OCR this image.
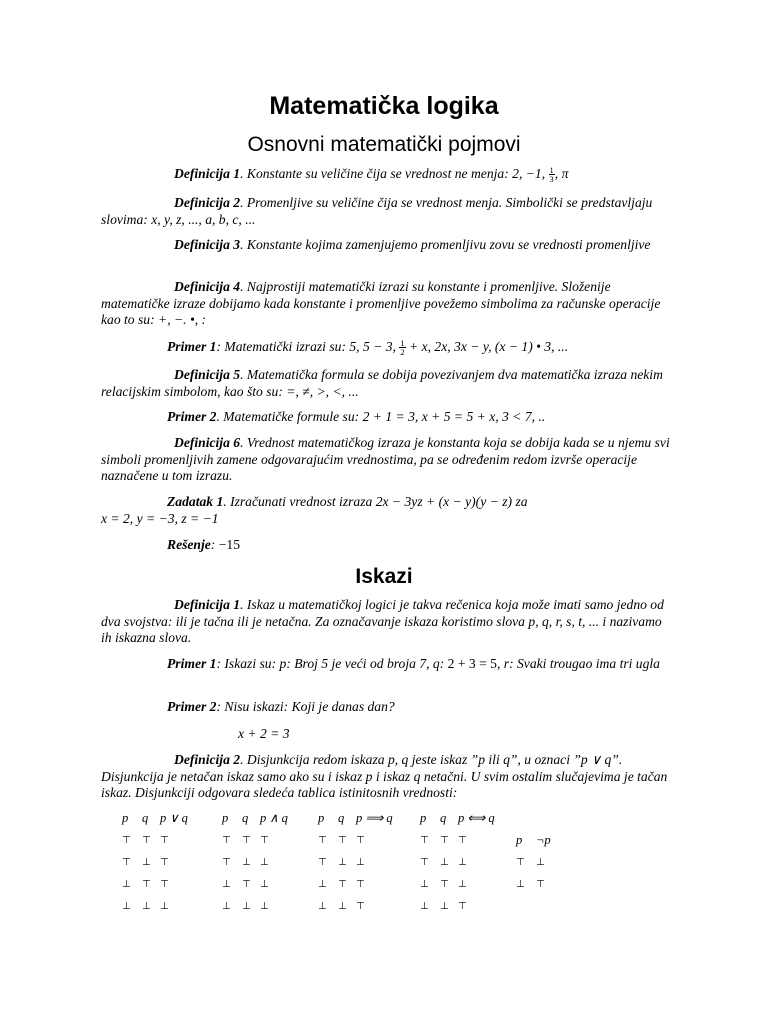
Matematička logika
Osnovni matematički pojmovi
Definicija 1. Konstante su veličine čija se vrednost ne menja: 2, −1, $\frac{1}{3}$ , π
Definicija 2. Promenljive su veličine čija se vrednost menja. Simbolički se predstavljaju slovima: x, y, z, ..., a, b, c, ...
Definicija 3. Konstante kojima zamenjujemo promenljivu zovu se vrednosti promenljive
Definicija 4. Najprostiji matematički izrazi su konstante i promenljive. Složenije matematičke izraze dobijamo kada konstante i promenljive povežemo simbolima za računske operacije kao to su: +, −. •, :
Primer 1: Matematički izrazi su: 5, 5 − 3, $\frac{1}{2} + x$, 2x, 3x − y, (x − 1) • 3, ...
Definicija 5. Matematička formula se dobija povezivanjem dva matematička izraza nekim relacijskim simbolom, kao što su: =, ≠, >, <, ...
Primer 2. Matematičke formule su: 2 + 1 = 3, x + 5 = 5 + x, 3 < 7, ..
Definicija 6. Vrednost matematičkog izraza je konstanta koja se dobija kada se u njemu svi simboli promenljivih zamene odgovarajućim vrednostima, pa se određenim redom izvrše operacije naznačene u tom izrazu.
Zadatak 1. Izračunati vrednost izraza 2x − 3yz + (x − y)(y − z) za
x = 2, y = −3, z = −1
Rešenje: −15
Iskazi
Definicija 1. Iskaz u matematičkoj logici je takva rečenica koja može imati samo jedno od dva svojstva: ili je tačna ili je netačna. Za označavanje iskaza koristimo slova p, q, r, s, t, ... i nazivamo ih iskazna slova.
Primer 1: Iskazi su: p: Broj 5 je veći od broja 7, q: 2 + 3 = 5, r: Svaki trougao ima tri ugla
Primer 2: Nisu iskazi: Koji je danas dan?
x + 2 = 3
Definicija 2. Disjunkcija redom iskaza p, q jeste iskaz ”p ili q”, u oznaci ”p ∨ q”. Disjunkcija je netačan iskaz samo ako su i iskaz p i iskaz q netačni. U svim ostalim slučajevima je tačan iskaz. Disjunkciji odgovara sledeća tablica istinitosnih vrednosti:
p	q	p ∨ q
⊤	⊤	⊤
⊤	⊥	⊤
⊥	⊤	⊤
⊥	⊥	⊥
p	q	p ∧ q
⊤	⊤	⊤
⊤	⊥	⊥
⊥	⊤	⊥
⊥	⊥	⊥
p	q	p ⟹ q
⊤	⊤	⊤
⊤	⊥	⊥
⊥	⊤	⊤
⊥	⊥	⊤
p	q	p ⟺ q
⊤	⊤	⊤
⊤	⊥	⊥
⊥	⊤	⊥
⊥	⊥	⊤
p	¬p
⊤	⊥
⊥	⊤
